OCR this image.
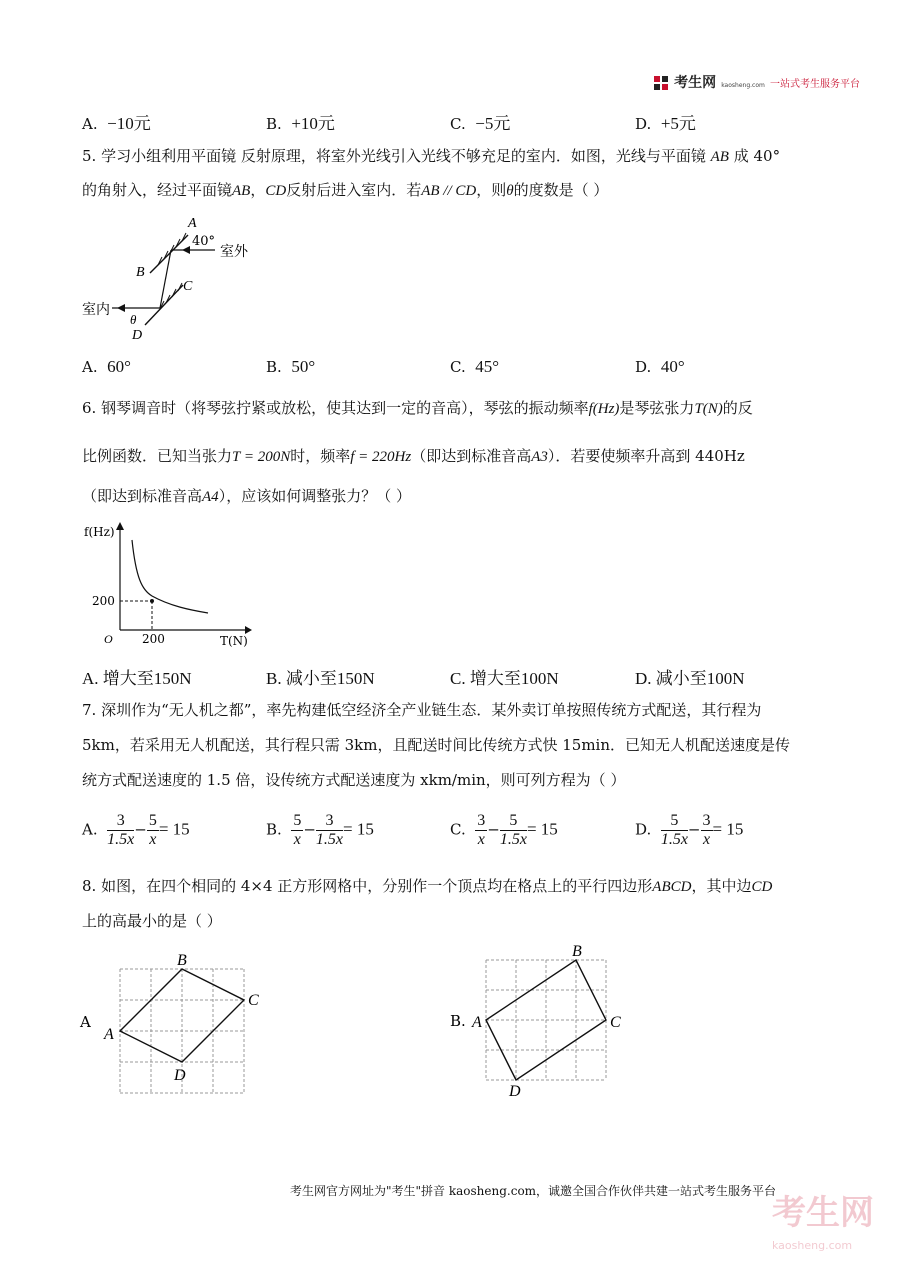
考生网 kaosheng.com 一站式考生服务平台
A. −10元	B. +10元	C. −5元	D. +5元
5. 学习小组利用平面镜 反射原理，将室外光线引入光线不够充足的室内．如图，光线与平面镜 AB 成 40°
的角射入，经过平面镜AB，CD反射后进入室内．若AB // CD，则θ的度数是（ ）
A
40°
室外
B
C
室内
θ
D
A. 60°	B. 50°	C. 45°	D. 40°
6. 钢琴调音时（将琴弦拧紧或放松，使其达到一定的音高），琴弦的振动频率f(Hz)是琴弦张力T(N)的反
比例函数．已知当张力T = 200N时，频率f = 220Hz（即达到标准音高A3）．若要使频率升高到 440Hz
（即达到标准音高A4），应该如何调整张力？（ ）
f(Hz)
T(N)
O
200
200
A. 增大至150N	B. 减小至150N	C. 增大至100N	D. 减小至100N
7. 深圳作为“无人机之都”，率先构建低空经济全产业链生态．某外卖订单按照传统方式配送，其行程为
5km，若采用无人机配送，其行程只需 3km，且配送时间比传统方式快 15min．已知无人机配送速度是传
统方式配送速度的 1.5 倍，设传统方式配送速度为 xkm/min，则可列方程为（ ）
A. $\frac{3}{1.5x} - \frac{5}{x} = 15$	B. $\frac{5}{x} - \frac{3}{1.5x} = 15$	C. $\frac{3}{x} - \frac{5}{1.5x} = 15$	D. $\frac{5}{1.5x} - \frac{3}{x} = 15$
8. 如图，在四个相同的 4×4 正方形网格中，分别作一个顶点均在格点上的平行四边形ABCD，其中边CD
上的高最小的是（ ）
A
A
B
C
D
B. A
B
C
D
考生网官方网址为"考生"拼音 kaosheng.com，诚邀全国合作伙伴共建一站式考生服务平台
考生网
kaosheng.com
